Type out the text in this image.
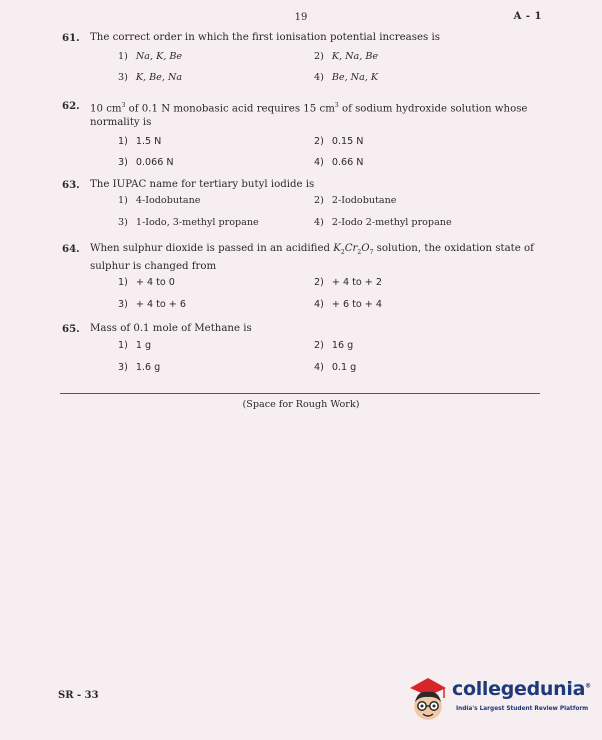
19	A - 1
61. The correct order in which the first ionisation potential increases is
1) Na, K, Be	2) K, Na, Be
3) K, Be, Na	4) Be, Na, K
62. 10 $cm^3$ of 0.1 N monobasic acid requires 15 $cm^3$ of sodium hydroxide solution whose normality is
1) 1.5 N	2) 0.15 N
3) 0.066 N	4) 0.66 N
63. The IUPAC name for tertiary butyl iodide is
1) 4-Iodobutane	2) 2-Iodobutane
3) 1-Iodo, 3-methyl propane	4) 2-Iodo 2-methyl propane
64. When sulphur dioxide is passed in an acidified $K_2Cr_2O_7$ solution, the oxidation state of sulphur is changed from
1) + 4 to 0	2) + 4 to + 2
3) + 4 to + 6	4) + 6 to + 4
65. Mass of 0.1 mole of Methane is
1) 1 g	2) 16 g
3) 1.6 g	4) 0.1 g
(Space for Rough Work)
SR - 33	collegedunia®
India's Largest Student Review Platform
